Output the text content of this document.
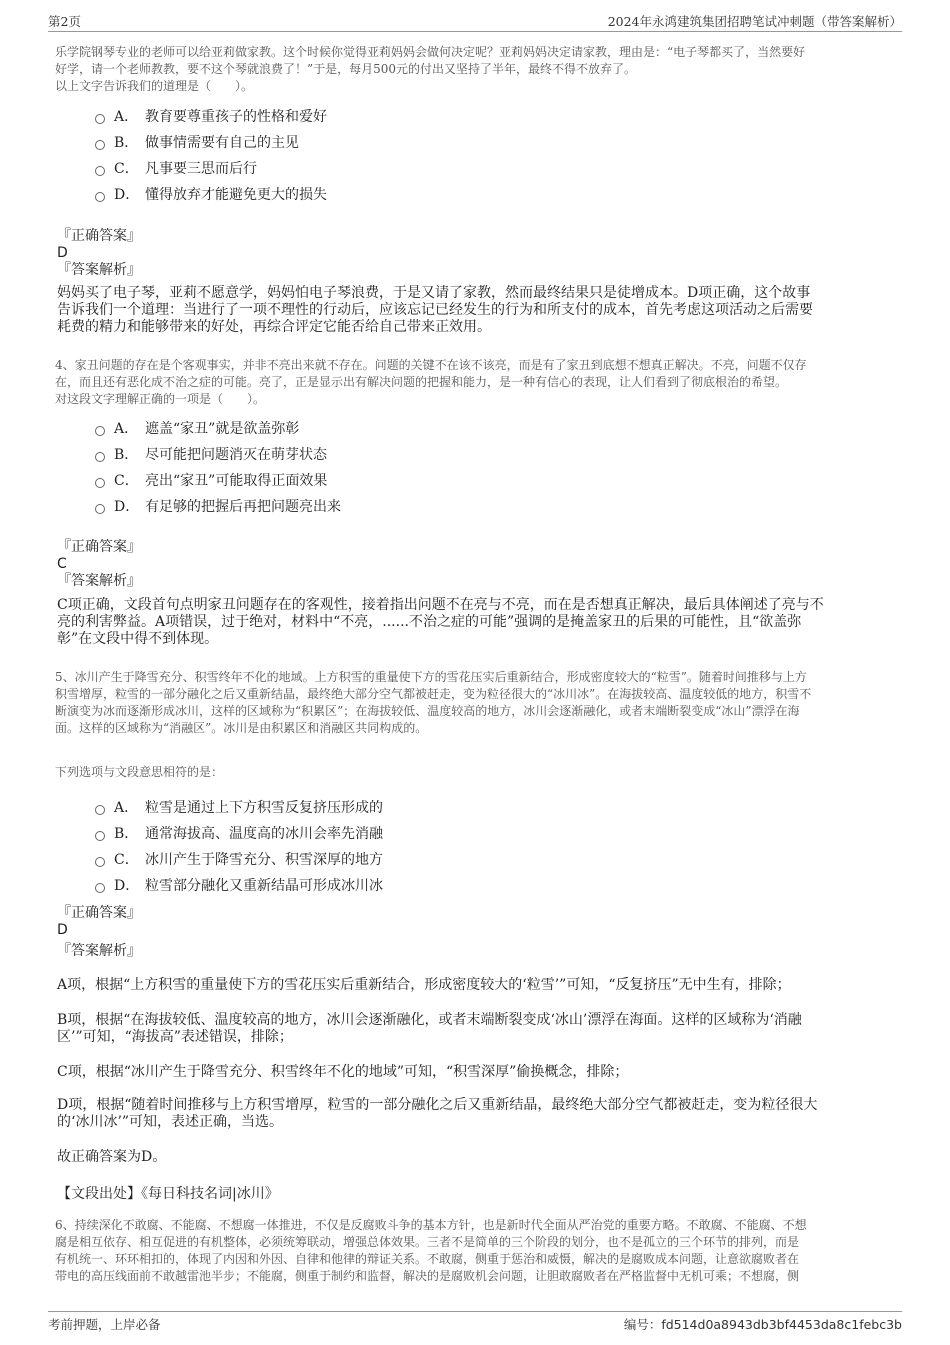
第2页	2024年永鸿建筑集团招聘笔试冲刺题（带答案解析）

乐学院钢琴专业的老师可以给亚莉做家教。这个时候你觉得亚莉妈妈会做何决定呢？亚莉妈妈决定请家教，理由是：“电子琴都买了，当然要好

好学，请一个老师教教，要不这个琴就浪费了！”于是，每月500元的付出又坚持了半年，最终不得不放弃了。

以上文字告诉我们的道理是（　　）。

A． 教育要尊重孩子的性格和爱好
B． 做事情需要有自己的主见
C． 凡事要三思而后行
D． 懂得放弃才能避免更大的损失

『正确答案』

D

『答案解析』

妈妈买了电子琴，亚莉不愿意学，妈妈怕电子琴浪费，于是又请了家教，然而最终结果只是徒增成本。D项正确，这个故事

告诉我们一个道理：当进行了一项不理性的行动后，应该忘记已经发生的行为和所支付的成本，首先考虑这项活动之后需要

耗费的精力和能够带来的好处，再综合评定它能否给自己带来正效用。

4、家丑问题的存在是个客观事实，并非不亮出来就不存在。问题的关键不在该不该亮，而是有了家丑到底想不想真正解决。不亮，问题不仅存

在，而且还有恶化成不治之症的可能。亮了，正是显示出有解决问题的把握和能力，是一种有信心的表现，让人们看到了彻底根治的希望。

对这段文字理解正确的一项是（　　）。

A． 遮盖“家丑”就是欲盖弥彰
B． 尽可能把问题消灭在萌芽状态
C． 亮出“家丑”可能取得正面效果
D． 有足够的把握后再把问题亮出来

『正确答案』

C

『答案解析』

C项正确，文段首句点明家丑问题存在的客观性，接着指出问题不在亮与不亮，而在是否想真正解决，最后具体阐述了亮与不

亮的利害弊益。A项错误，过于绝对，材料中“不亮，......不治之症的可能”强调的是掩盖家丑的后果的可能性，且“欲盖弥

彰”在文段中得不到体现。

5、冰川产生于降雪充分、积雪终年不化的地域。上方积雪的重量使下方的雪花压实后重新结合，形成密度较大的“粒雪”。随着时间推移与上方

积雪增厚，粒雪的一部分融化之后又重新结晶，最终绝大部分空气都被赶走，变为粒径很大的“冰川冰”。在海拔较高、温度较低的地方，积雪不

断演变为冰而逐渐形成冰川，这样的区域称为“积累区”；在海拔较低、温度较高的地方，冰川会逐渐融化，或者末端断裂变成“冰山”漂浮在海

面。这样的区域称为“消融区”。冰川是由积累区和消融区共同构成的。

下列选项与文段意思相符的是：

A． 粒雪是通过上下方积雪反复挤压形成的
B． 通常海拔高、温度高的冰川会率先消融
C． 冰川产生于降雪充分、积雪深厚的地方
D． 粒雪部分融化又重新结晶可形成冰川冰

『正确答案』

D

『答案解析』

A项，根据“上方积雪的重量使下方的雪花压实后重新结合，形成密度较大的‘粒雪’”可知，“反复挤压”无中生有，排除；

B项，根据“在海拔较低、温度较高的地方，冰川会逐渐融化，或者末端断裂变成‘冰山’漂浮在海面。这样的区域称为‘消融

区’”可知，“海拔高”表述错误，排除；

C项，根据“冰川产生于降雪充分、积雪终年不化的地域”可知，“积雪深厚”偷换概念，排除；

D项，根据“随着时间推移与上方积雪增厚，粒雪的一部分融化之后又重新结晶，最终绝大部分空气都被赶走，变为粒径很大

的‘冰川冰’”可知，表述正确，当选。

故正确答案为D。

【文段出处】《每日科技名词|冰川》

6、持续深化不敢腐、不能腐、不想腐一体推进，不仅是反腐败斗争的基本方针，也是新时代全面从严治党的重要方略。不敢腐、不能腐、不想

腐是相互依存、相互促进的有机整体，必须统筹联动，增强总体效果。三者不是简单的三个阶段的划分，也不是孤立的三个环节的排列，而是

有机统一、环环相扣的，体现了内因和外因、自律和他律的辩证关系。不敢腐，侧重于惩治和威慑，解决的是腐败成本问题，让意欲腐败者在

带电的高压线面前不敢越雷池半步；不能腐，侧重于制约和监督，解决的是腐败机会问题，让胆敢腐败者在严格监督中无机可乘；不想腐，侧

考前押题，上岸必备	编号：fd514d0a8943db3bf4453da8c1febc3b
